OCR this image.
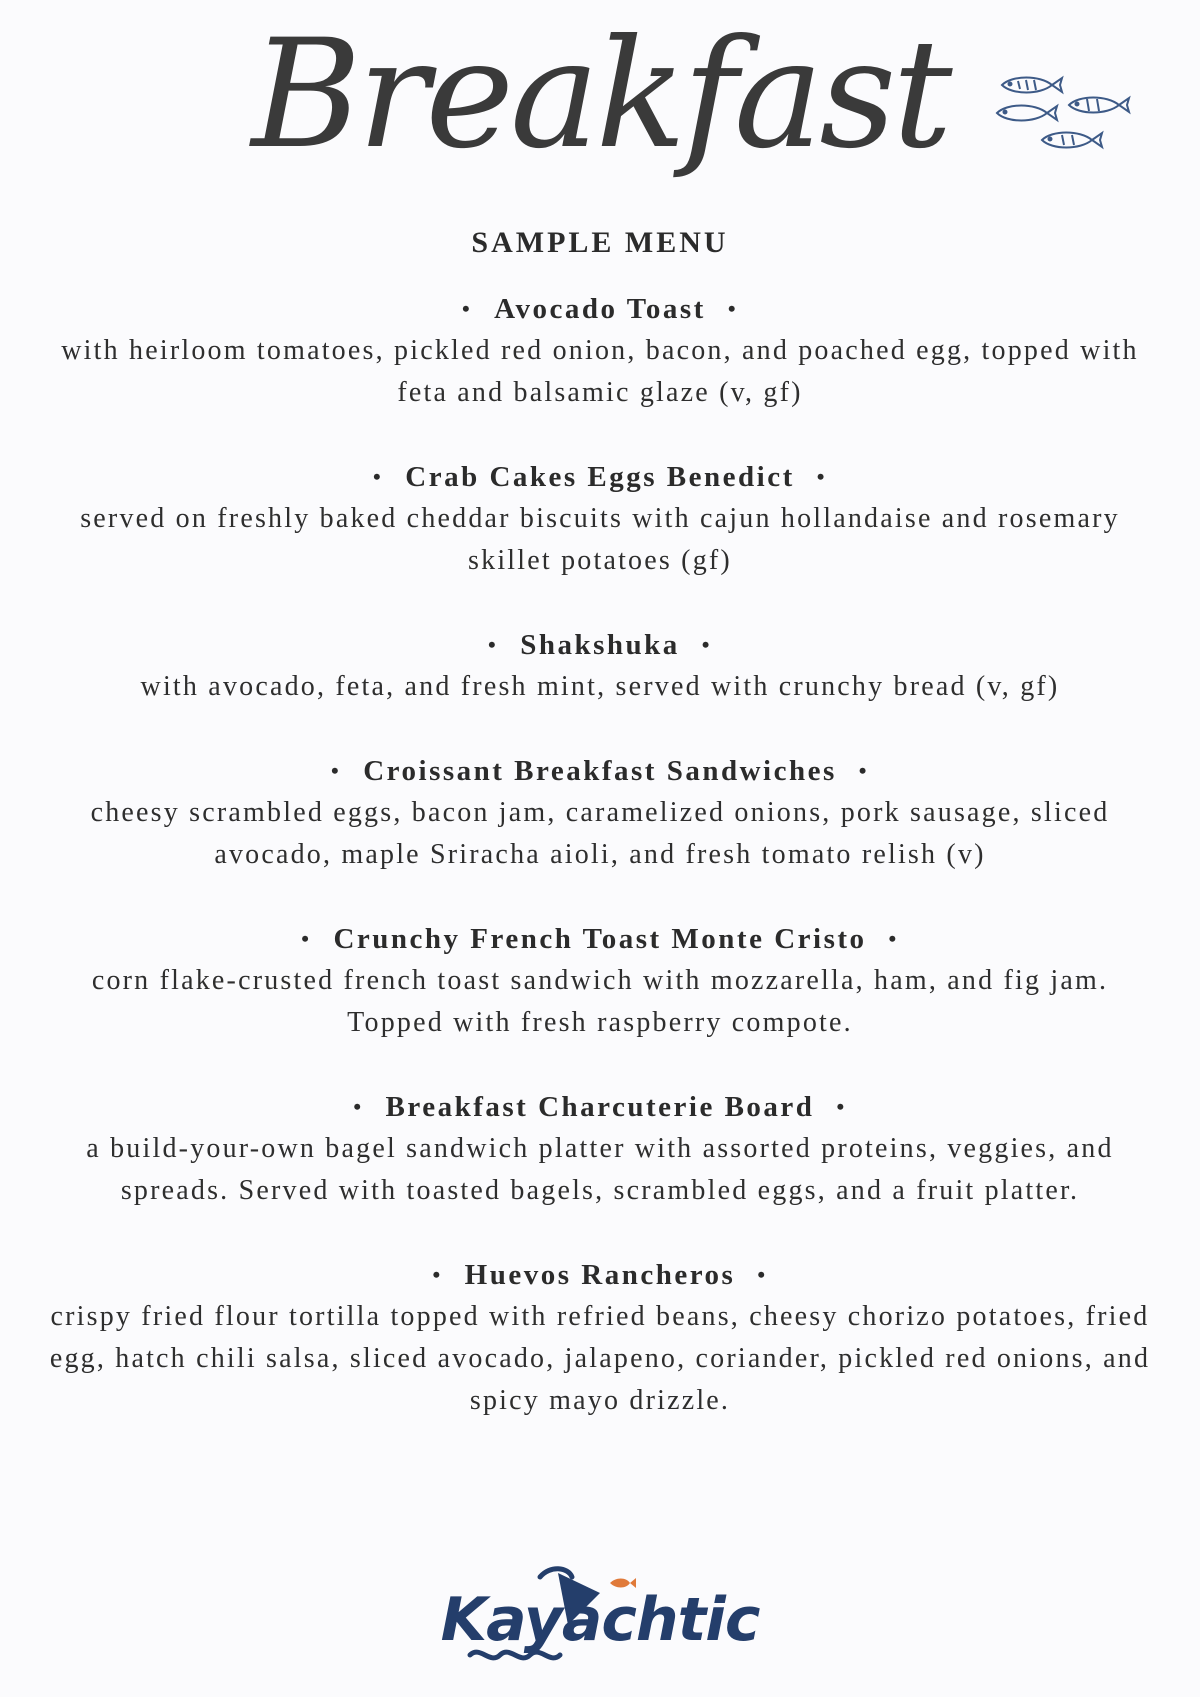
Breakfast
SAMPLE MENU
• Avocado Toast •
with heirloom tomatoes, pickled red onion, bacon, and poached egg, topped with feta and balsamic glaze (v, gf)
• Crab Cakes Eggs Benedict •
served on freshly baked cheddar biscuits with cajun hollandaise and rosemary skillet potatoes (gf)
• Shakshuka •
with avocado, feta, and fresh mint, served with crunchy bread (v, gf)
• Croissant Breakfast Sandwiches •
cheesy scrambled eggs, bacon jam, caramelized onions, pork sausage, sliced avocado, maple Sriracha aioli, and fresh tomato relish (v)
• Crunchy French Toast Monte Cristo •
corn flake-crusted french toast sandwich with mozzarella, ham, and fig jam. Topped with fresh raspberry compote.
• Breakfast Charcuterie Board •
a build-your-own bagel sandwich platter with assorted proteins, veggies, and spreads. Served with toasted bagels, scrambled eggs, and a fruit platter.
• Huevos Rancheros •
crispy fried flour tortilla topped with refried beans, cheesy chorizo potatoes, fried egg, hatch chili salsa, sliced avocado, jalapeno, coriander, pickled red onions, and spicy mayo drizzle.
Kayachtic
